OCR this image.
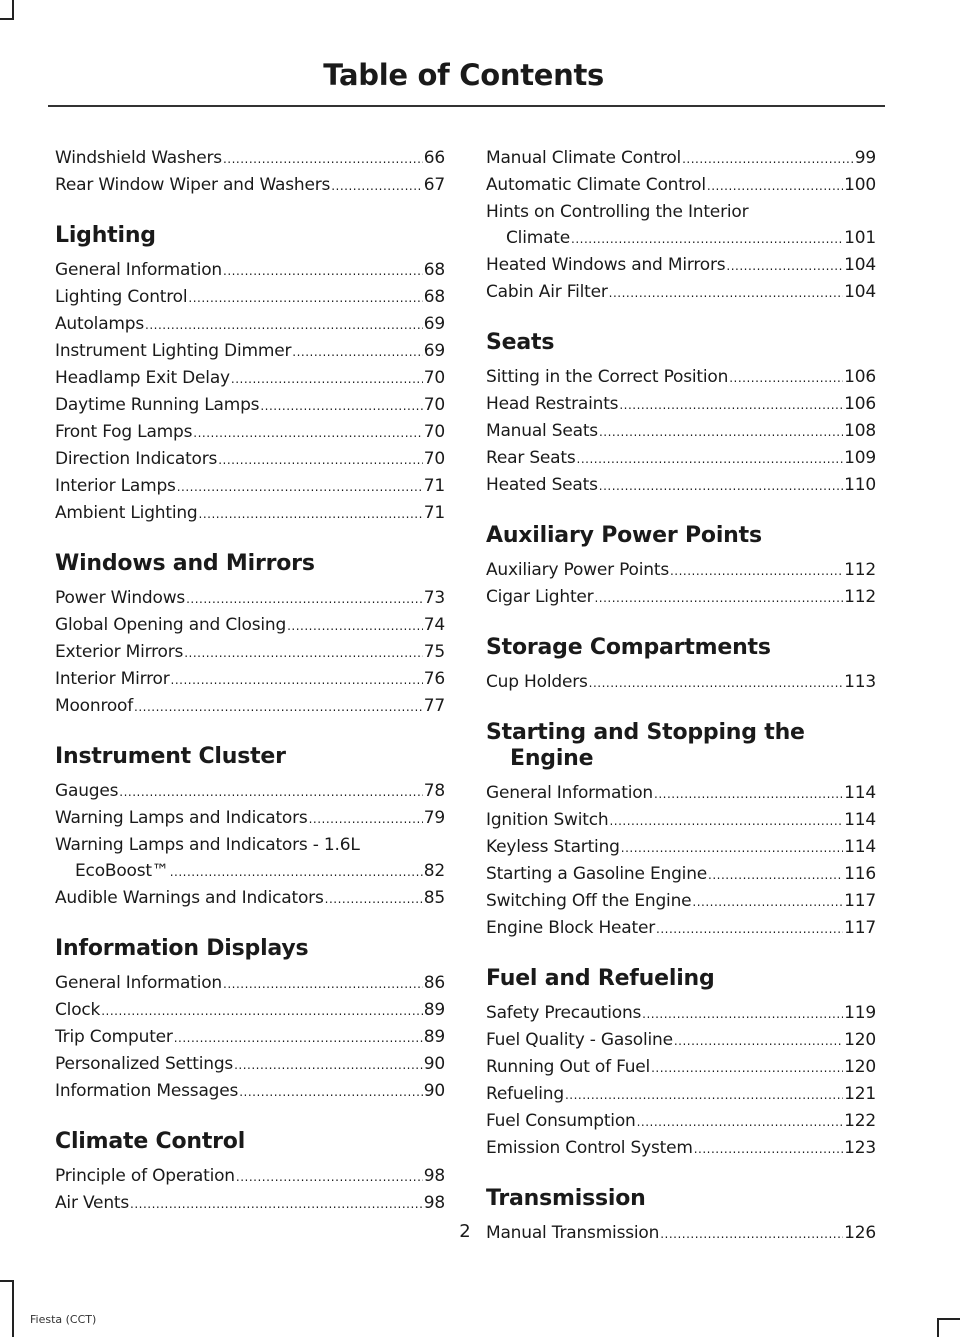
Table of Contents
Windshield Washers .....	66
Rear Window Wiper and Washers .....	67
Lighting
General Information .....	68
Lighting Control .....	68
Autolamps .....	69
Instrument Lighting Dimmer .....	69
Headlamp Exit Delay .....	70
Daytime Running Lamps .....	70
Front Fog Lamps .....	70
Direction Indicators .....	70
Interior Lamps .....	71
Ambient Lighting .....	71
Windows and Mirrors
Power Windows .....	73
Global Opening and Closing .....	74
Exterior Mirrors .....	75
Interior Mirror .....	76
Moonroof .....	77
Instrument Cluster
Gauges .....	78
Warning Lamps and Indicators .....	79
Warning Lamps and Indicators - 1.6L
EcoBoost™ .....	82
Audible Warnings and Indicators .....	85
Information Displays
General Information .....	86
Clock .....	89
Trip Computer .....	89
Personalized Settings .....	90
Information Messages .....	90
Climate Control
Principle of Operation .....	98
Air Vents .....	98
Manual Climate Control .....	99
Automatic Climate Control .....	100
Hints on Controlling the Interior
Climate .....	101
Heated Windows and Mirrors .....	104
Cabin Air Filter .....	104
Seats
Sitting in the Correct Position .....	106
Head Restraints .....	106
Manual Seats .....	108
Rear Seats .....	109
Heated Seats .....	110
Auxiliary Power Points
Auxiliary Power Points .....	112
Cigar Lighter .....	112
Storage Compartments
Cup Holders .....	113
Starting and Stopping the
Engine
General Information .....	114
Ignition Switch .....	114
Keyless Starting .....	114
Starting a Gasoline Engine .....	116
Switching Off the Engine .....	117
Engine Block Heater .....	117
Fuel and Refueling
Safety Precautions .....	119
Fuel Quality - Gasoline .....	120
Running Out of Fuel .....	120
Refueling .....	121
Fuel Consumption .....	122
Emission Control System .....	123
Transmission
Manual Transmission .....	126
2
Fiesta (CCT)
